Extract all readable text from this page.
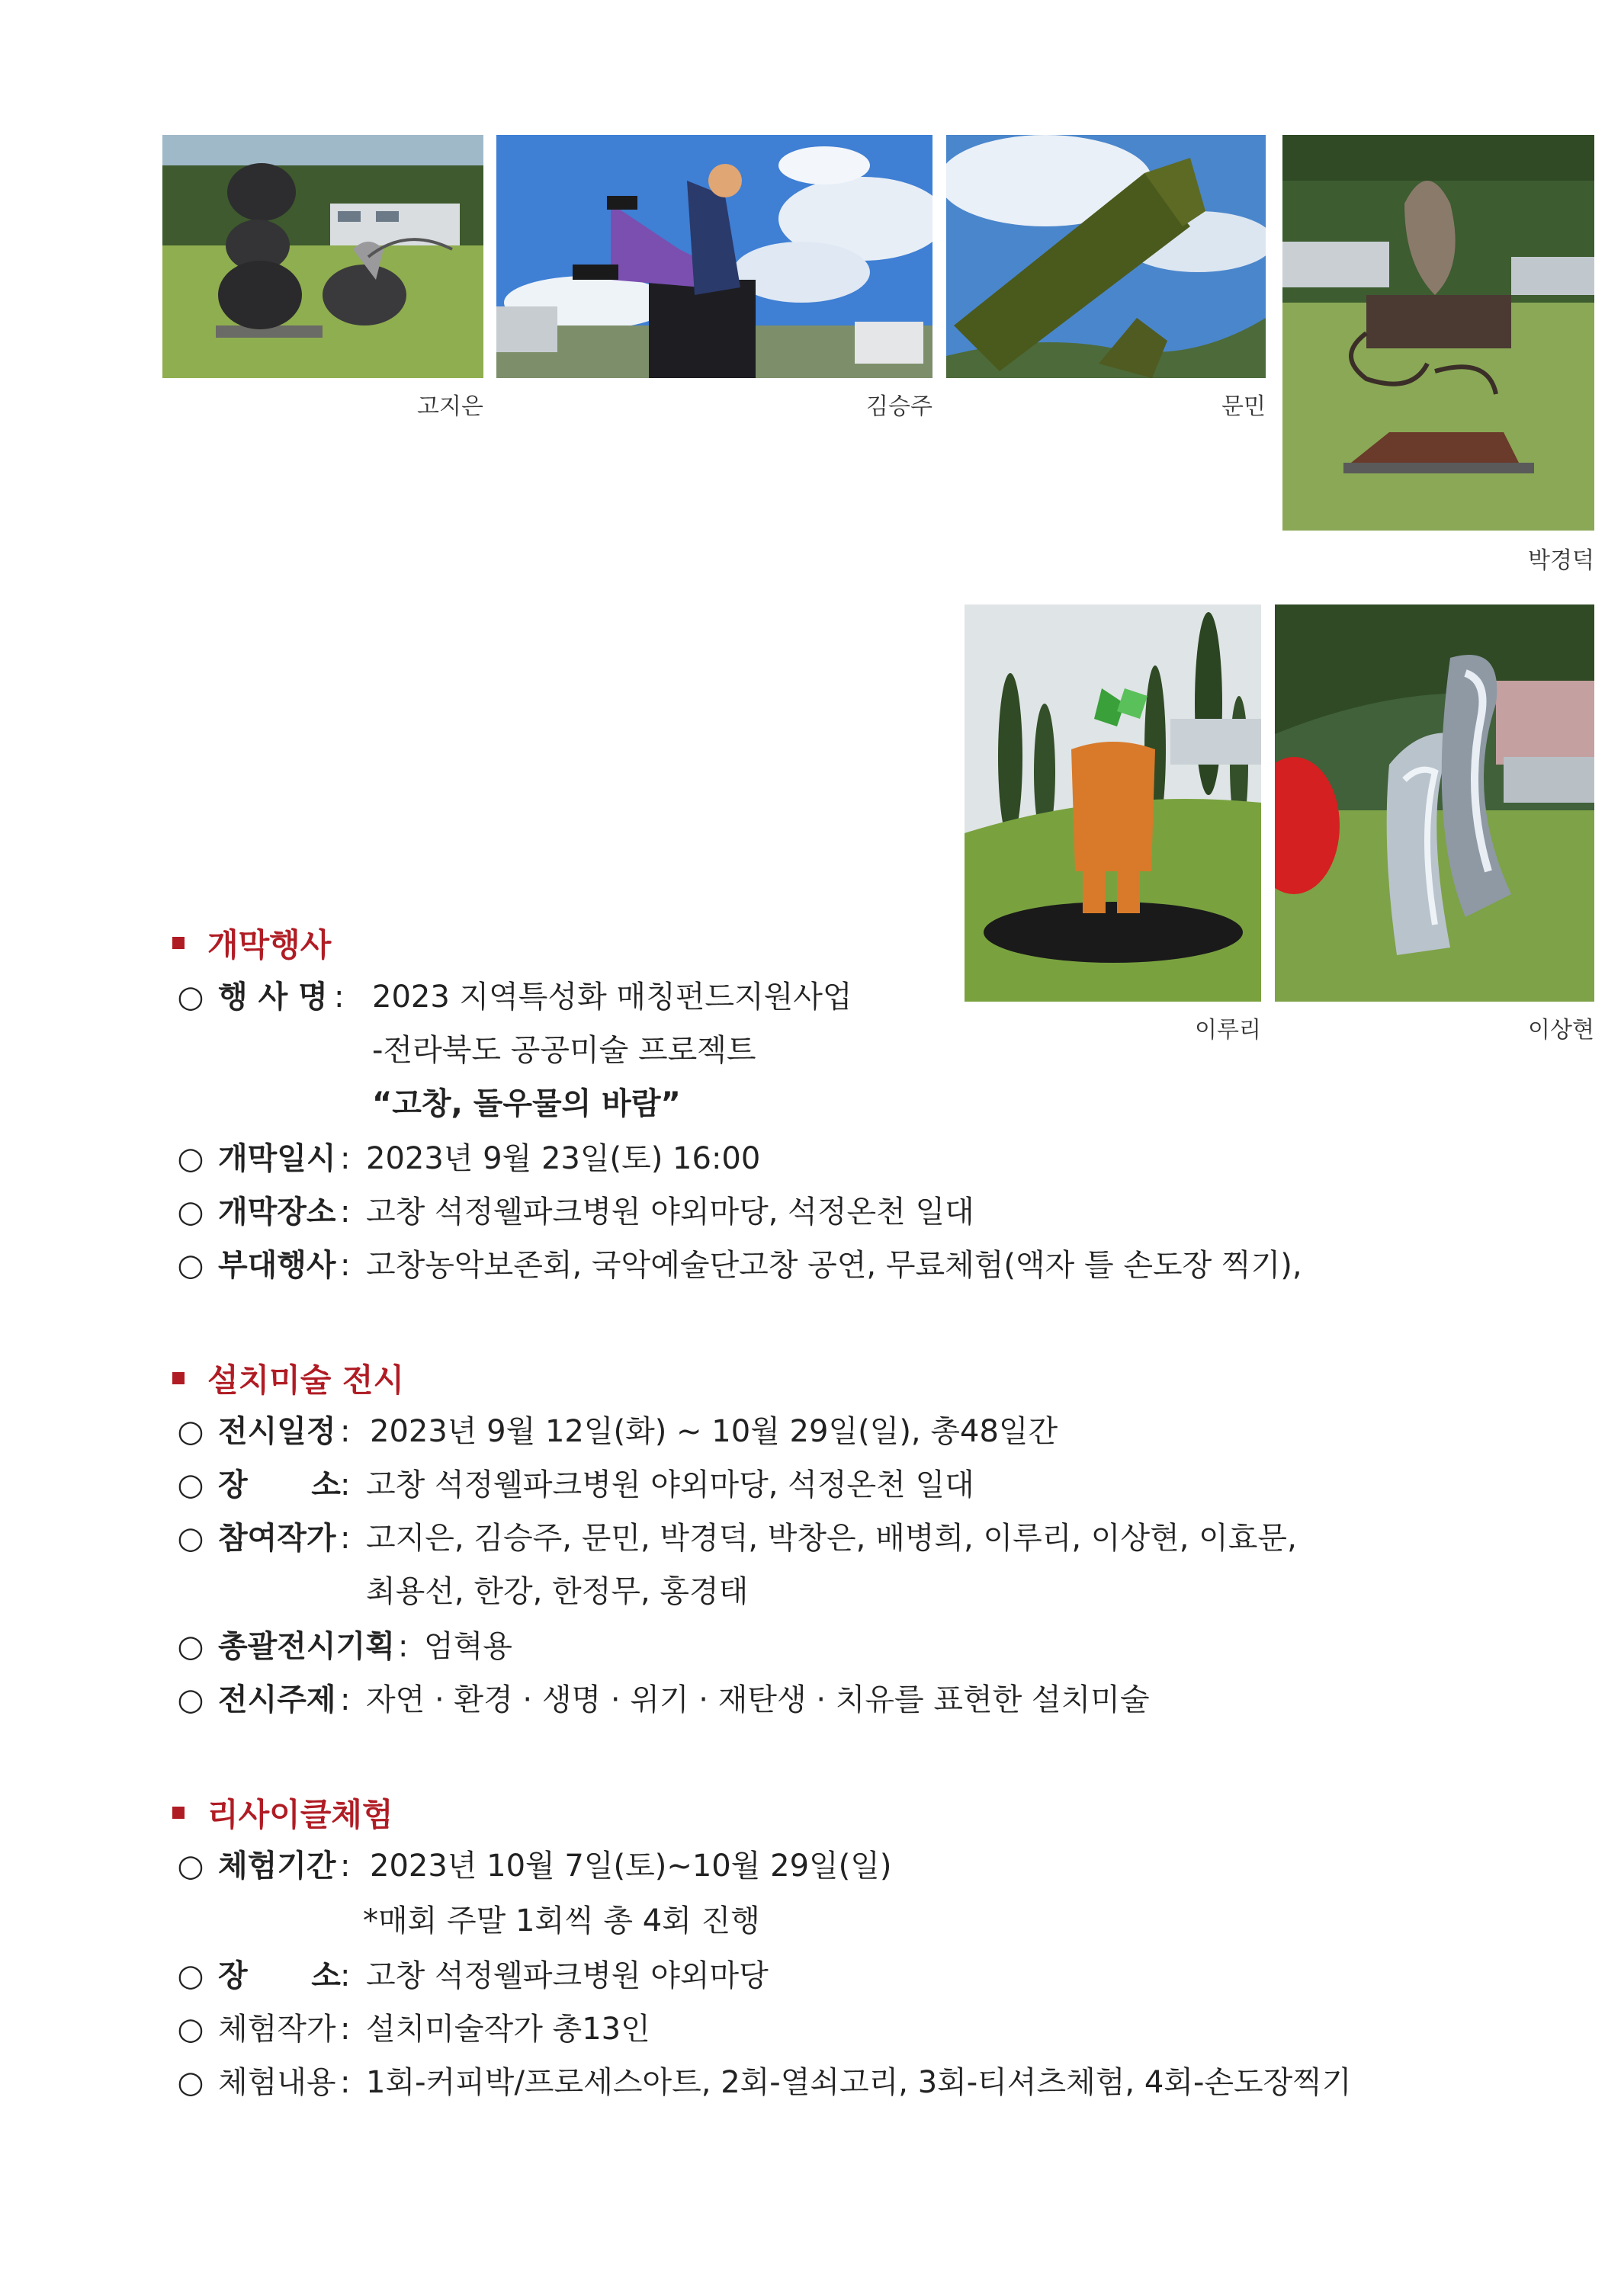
고지은	김승주	문민
박경덕
이루리	이상현
개막행사
○ 행 사 명 : 2023 지역특성화 매칭펀드지원사업
-전라북도 공공미술 프로젝트
“고창, 돌우물의 바람”
○ 개막일시 : 2023년 9월 23일(토) 16:00
○ 개막장소 : 고창 석정웰파크병원 야외마당, 석정온천 일대
○ 부대행사 : 고창농악보존회, 국악예술단고창 공연, 무료체험(액자 틀 손도장 찍기),
설치미술 전시
○ 전시일정 : 2023년 9월 12일(화) ~ 10월 29일(일), 총48일간
○ 장      소 : 고창 석정웰파크병원 야외마당, 석정온천 일대
○ 참여작가 : 고지은, 김승주, 문민, 박경덕, 박창은, 배병희, 이루리, 이상현, 이효문,
최용선, 한강, 한정무, 홍경태
○ 총괄전시기획 : 엄혁용
○ 전시주제 : 자연 · 환경 · 생명 · 위기 · 재탄생 · 치유를 표현한 설치미술
리사이클체험
○ 체험기간 : 2023년 10월 7일(토)~10월 29일(일)
*매회 주말 1회씩 총 4회 진행
○ 장      소 : 고창 석정웰파크병원 야외마당
○ 체험작가 : 설치미술작가 총13인
○ 체험내용 : 1회-커피박/프로세스아트, 2회-열쇠고리, 3회-티셔츠체험, 4회-손도장찍기
